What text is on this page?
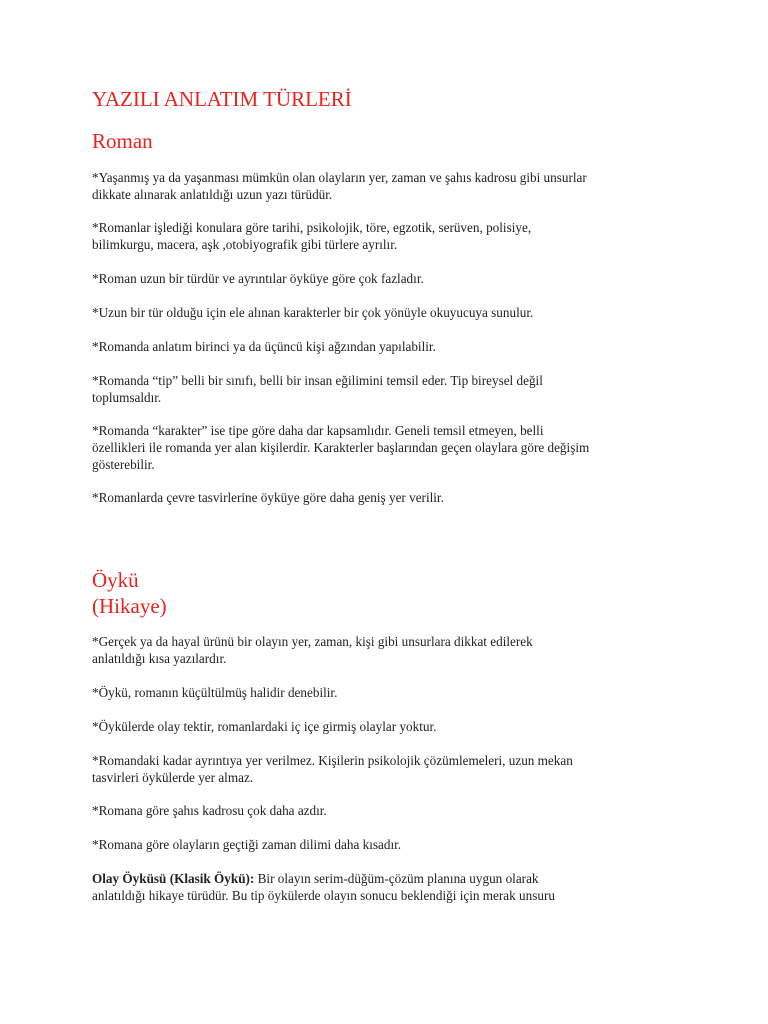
YAZILI ANLATIM TÜRLERİ
Roman
*Yaşanmış ya da yaşanması mümkün olan olayların yer, zaman ve şahıs kadrosu gibi unsurlar
dikkate alınarak anlatıldığı uzun yazı türüdür.
*Romanlar işlediği konulara göre tarihi, psikolojik, töre, egzotik, serüven, polisiye,
bilimkurgu, macera, aşk ,otobiyografik gibi türlere ayrılır.
*Roman uzun bir türdür ve ayrıntılar öyküye göre çok fazladır.
*Uzun bir tür olduğu için ele alınan karakterler bir çok yönüyle okuyucuya sunulur.
*Romanda anlatım birinci ya da üçüncü kişi ağzından yapılabilir.
*Romanda “tip” belli bir sınıfı, belli bir insan eğilimini temsil eder. Tip bireysel değil
toplumsaldır.
*Romanda “karakter” ise tipe göre daha dar kapsamlıdır. Geneli temsil etmeyen, belli
özellikleri ile romanda yer alan kişilerdir. Karakterler başlarından geçen olaylara göre değişim
gösterebilir.
*Romanlarda çevre tasvirlerine öyküye göre daha geniş yer verilir.
Öykü
(Hikaye)
*Gerçek ya da hayal ürünü bir olayın yer, zaman, kişi gibi unsurlara dikkat edilerek
anlatıldığı kısa yazılardır.
*Öykü, romanın küçültülmüş halidir denebilir.
*Öykülerde olay tektir, romanlardaki iç içe girmiş olaylar yoktur.
*Romandaki kadar ayrıntıya yer verilmez. Kişilerin psikolojik çözümlemeleri, uzun mekan
tasvirleri öykülerde yer almaz.
*Romana göre şahıs kadrosu çok daha azdır.
*Romana göre olayların geçtiği zaman dilimi daha kısadır.
Olay Öyküsü (Klasik Öykü): Bir olayın serim-düğüm-çözüm planına uygun olarak
anlatıldığı hikaye türüdür. Bu tip öykülerde olayın sonucu beklendiği için merak unsuru
